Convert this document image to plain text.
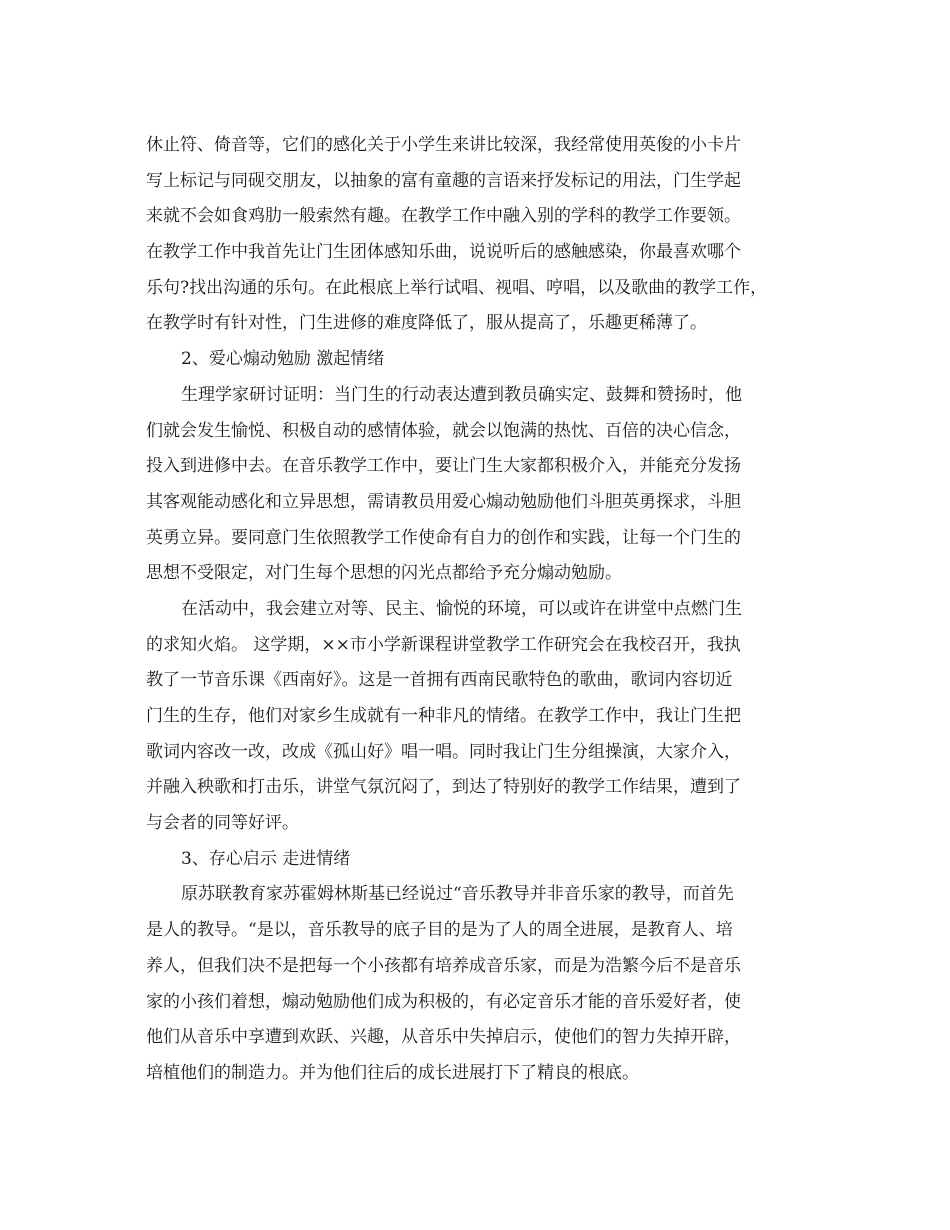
休止符、倚音等，它们的感化关于小学生来讲比较深，我经常使用英俊的小卡片
写上标记与同砚交朋友，以抽象的富有童趣的言语来抒发标记的用法，门生学起
来就不会如食鸡肋一般索然有趣。在教学工作中融入别的学科的教学工作要领。
在教学工作中我首先让门生团体感知乐曲，说说听后的感触感染，你最喜欢哪个
乐句?找出沟通的乐句。在此根底上举行试唱、视唱、哼唱，以及歌曲的教学工作，
在教学时有针对性，门生进修的难度降低了，服从提高了，乐趣更稀薄了。
2、爱心煽动勉励 激起情绪
生理学家研讨证明：当门生的行动表达遭到教员确实定、鼓舞和赞扬时，他
们就会发生愉悦、积极自动的感情体验，就会以饱满的热忱、百倍的决心信念，
投入到进修中去。在音乐教学工作中，要让门生大家都积极介入，并能充分发扬
其客观能动感化和立异思想，需请教员用爱心煽动勉励他们斗胆英勇探求，斗胆
英勇立异。要同意门生依照教学工作使命有自力的创作和实践，让每一个门生的
思想不受限定，对门生每个思想的闪光点都给予充分煽动勉励。
在活动中，我会建立对等、民主、愉悦的环境，可以或许在讲堂中点燃门生
的求知火焰。 这学期，××市小学新课程讲堂教学工作研究会在我校召开，我执
教了一节音乐课《西南好》。这是一首拥有西南民歌特色的歌曲，歌词内容切近
门生的生存，他们对家乡生成就有一种非凡的情绪。在教学工作中，我让门生把
歌词内容改一改，改成《孤山好》唱一唱。同时我让门生分组操演，大家介入，
并融入秧歌和打击乐，讲堂气氛沉闷了，到达了特别好的教学工作结果，遭到了
与会者的同等好评。
3、存心启示 走进情绪
原苏联教育家苏霍姆林斯基已经说过“音乐教导并非音乐家的教导，而首先
是人的教导。“是以，音乐教导的底子目的是为了人的周全进展，是教育人、培
养人，但我们决不是把每一个小孩都有培养成音乐家，而是为浩繁今后不是音乐
家的小孩们着想，煽动勉励他们成为积极的，有必定音乐才能的音乐爱好者，使
他们从音乐中享遭到欢跃、兴趣，从音乐中失掉启示，使他们的智力失掉开辟，
培植他们的制造力。并为他们往后的成长进展打下了精良的根底。
